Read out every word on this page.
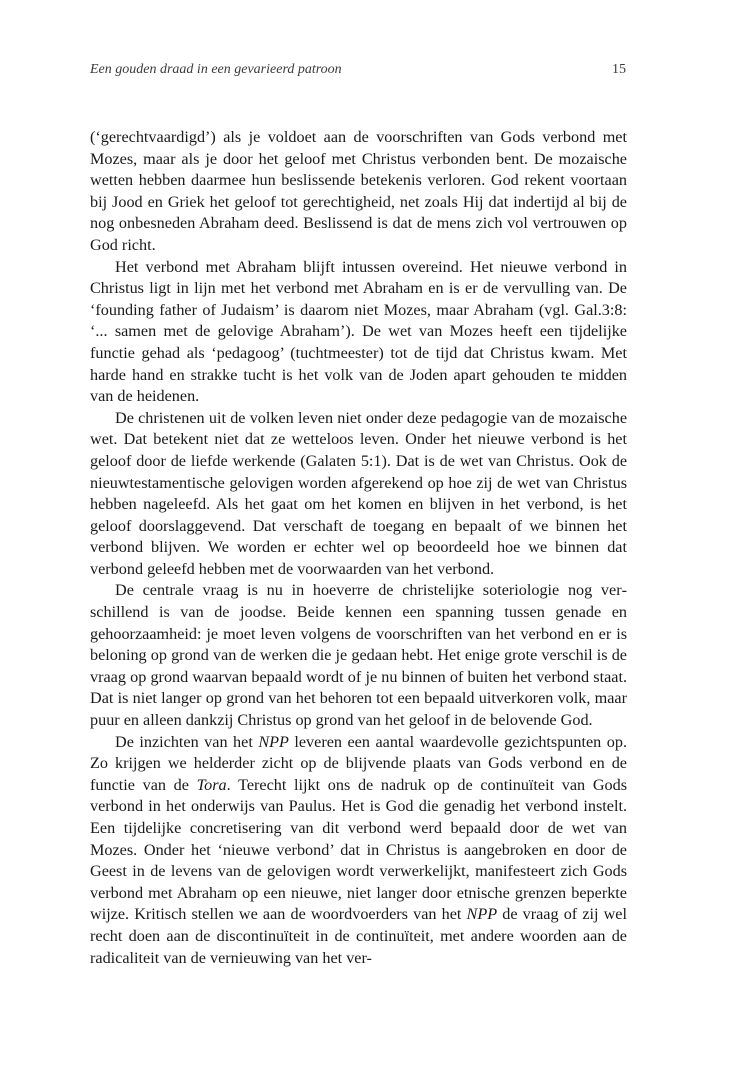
Een gouden draad in een gevarieerd patroon	15

(‘gerechtvaardigd’) als je voldoet aan de voorschriften van Gods verbond met Mozes, maar als je door het geloof met Christus verbonden bent. De mozaische wetten hebben daarmee hun beslissende betekenis verloren. God rekent voortaan bij Jood en Griek het geloof tot gerechtigheid, net zoals Hij dat indertijd al bij de nog onbesneden Abraham deed. Beslissend is dat de mens zich vol vertrouwen op God richt.

Het verbond met Abraham blijft intussen overeind. Het nieuwe verbond in Christus ligt in lijn met het verbond met Abraham en is er de vervulling van. De ‘founding father of Judaism’ is daarom niet Mozes, maar Abraham (vgl. Gal.3:8: ‘... samen met de gelovige Abraham’). De wet van Mozes heeft een tijdelijke functie gehad als ‘pedagoog’ (tuchtmeester) tot de tijd dat Christus kwam. Met harde hand en strakke tucht is het volk van de Joden apart gehouden te midden van de heidenen.

De christenen uit de volken leven niet onder deze pedagogie van de mozaische wet. Dat betekent niet dat ze wetteloos leven. Onder het nieuwe verbond is het geloof door de liefde werkende (Galaten 5:1). Dat is de wet van Christus. Ook de nieuwtestamentische gelovigen worden afgerekend op hoe zij de wet van Christus hebben nageleefd. Als het gaat om het komen en blijven in het verbond, is het geloof doorslaggevend. Dat verschaft de toegang en bepaalt of we binnen het verbond blijven. We worden er echter wel op beoordeeld hoe we binnen dat verbond geleefd hebben met de voorwaarden van het verbond.

De centrale vraag is nu in hoeverre de christelijke soteriologie nog verschillend is van de joodse. Beide kennen een spanning tussen genade en gehoorzaamheid: je moet leven volgens de voorschriften van het verbond en er is beloning op grond van de werken die je gedaan hebt. Het enige grote verschil is de vraag op grond waarvan bepaald wordt of je nu binnen of buiten het verbond staat. Dat is niet langer op grond van het behoren tot een bepaald uitverkoren volk, maar puur en alleen dankzij Christus op grond van het geloof in de belovende God.

De inzichten van het NPP leveren een aantal waardevolle gezichtspunten op. Zo krijgen we helderder zicht op de blijvende plaats van Gods verbond en de functie van de Tora. Terecht lijkt ons de nadruk op de continuïteit van Gods verbond in het onderwijs van Paulus. Het is God die genadig het verbond instelt. Een tijdelijke concretisering van dit verbond werd bepaald door de wet van Mozes. Onder het ‘nieuwe verbond’ dat in Christus is aangebroken en door de Geest in de levens van de gelovigen wordt verwerkelijkt, manifesteert zich Gods verbond met Abraham op een nieuwe, niet langer door etnische grenzen beperkte wijze. Kritisch stellen we aan de woordvoerders van het NPP de vraag of zij wel recht doen aan de discontinuïteit in de continuïteit, met andere woorden aan de radicaliteit van de vernieuwing van het ver-
